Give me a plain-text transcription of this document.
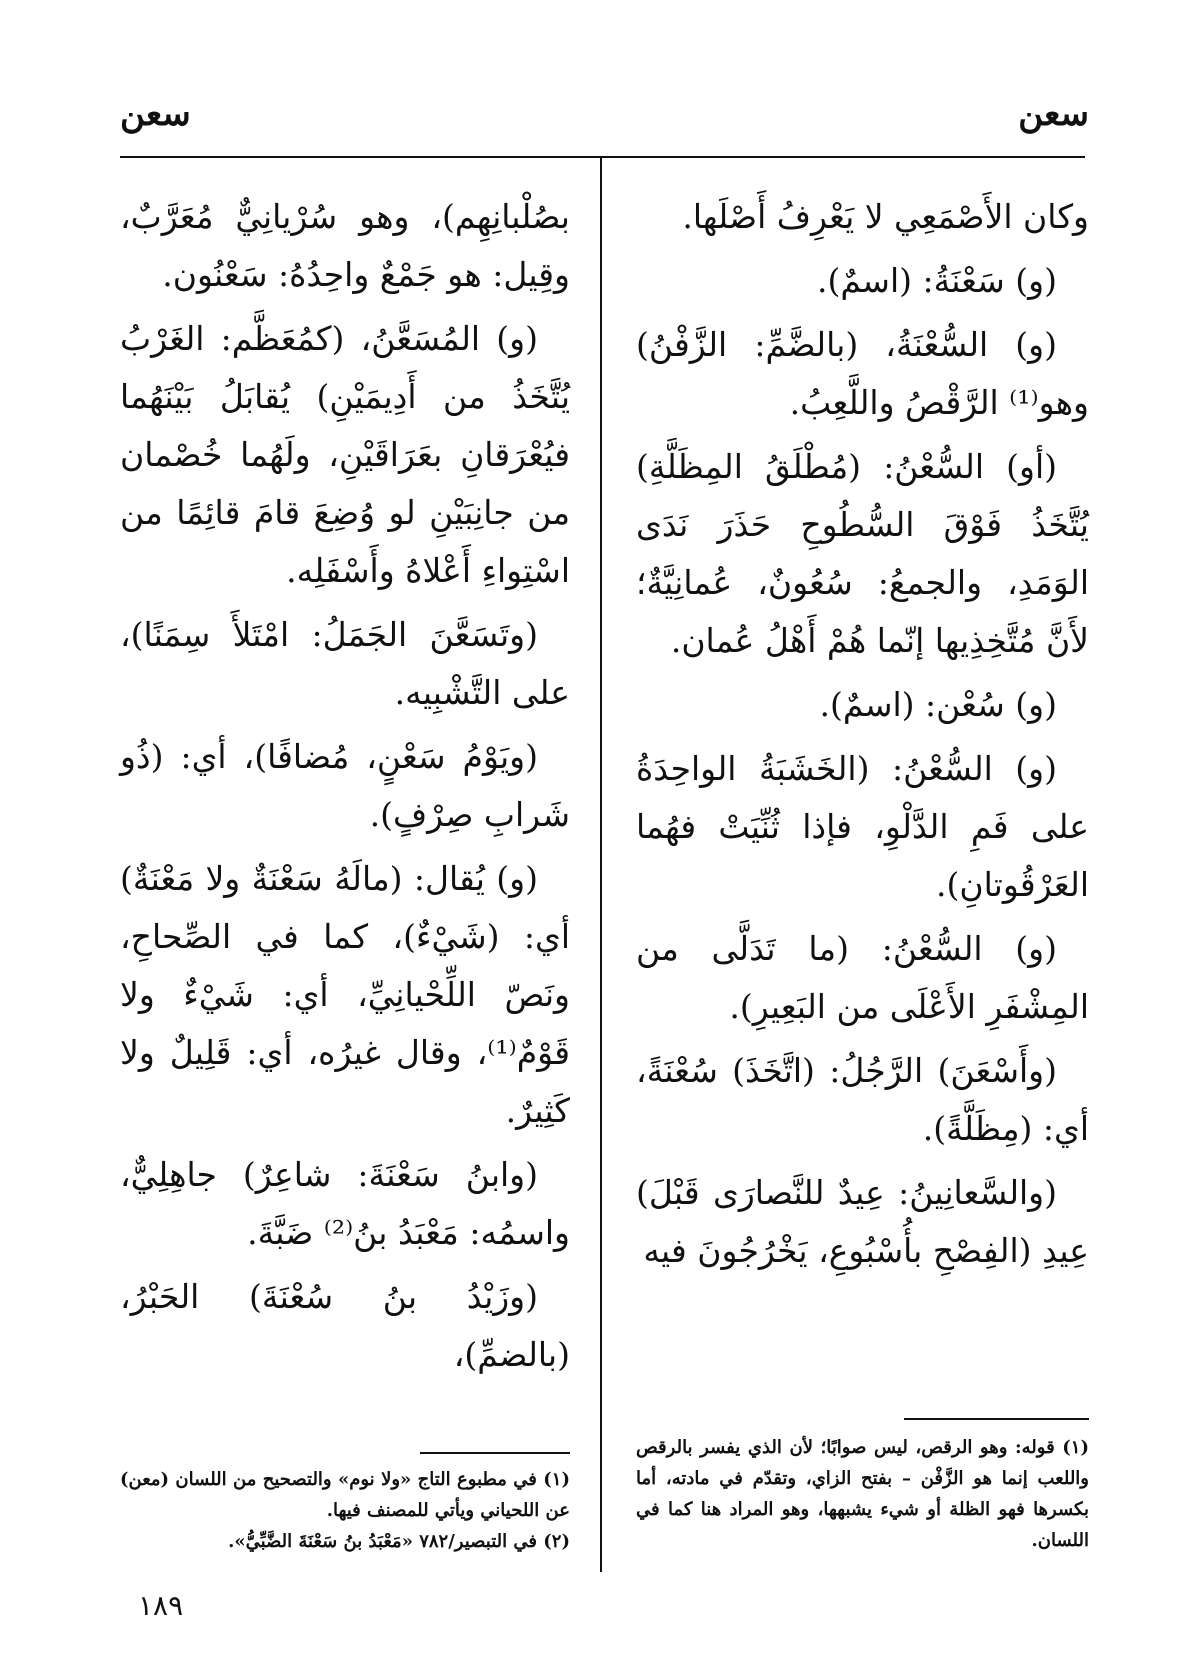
سعن
سعن

وكان الأَصْمَعِي لا يَعْرِفُ أَصْلَها.

(و) سَعْنَةُ: (اسمٌ).

(و) السُّعْنَةُ، (بالضَّمِّ: الزَّفْنُ) وهو⁽¹⁾ الرَّقْصُ واللَّعِبُ.

(أو) السُّعْنُ: (مُطْلَقُ المِظَلَّةِ) يُتَّخَذُ فَوْقَ السُّطُوحِ حَذَرَ نَدَى الوَمَدِ، والجمعُ: سُعُونٌ، عُمانِيَّةٌ؛ لأَنَّ مُتَّخِذِيها إنّما هُمْ أَهْلُ عُمان.

(و) سُعْن: (اسمٌ).

(و) السُّعْنُ: (الخَشَبَةُ الواحِدَةُ على فَمِ الدَّلْوِ، فإذا ثُنِّيَتْ فهُما العَرْقُوتانِ).

(و) السُّعْنُ: (ما تَدَلَّى من المِشْفَرِ الأَعْلَى من البَعِيرِ).

(وأَسْعَنَ) الرَّجُلُ: (اتَّخَذَ) سُعْنَةً، أي: (مِظَلَّةً).

(والسَّعانِينُ: عِيدٌ للنَّصارَى قَبْلَ) عِيدِ (الفِصْحِ بأُسْبُوعِ، يَخْرُجُونَ فيه

بصُلْبانِهِم)، وهو سُرْيانِيٌّ مُعَرَّبٌ، وقِيل: هو جَمْعٌ واحِدُهُ: سَعْنُون.

(و) المُسَعَّنُ، (كمُعَظَّم: الغَرْبُ يُتَّخَذُ من أَدِيمَيْنِ) يُقابَلُ بَيْنَهُما فيُعْرَقانِ بعَرَاقَيْنِ، ولَهُما خُصْمان من جانِبَيْنِ لو وُضِعَ قامَ قائِمًا من اسْتِواءِ أَعْلاهُ وأَسْفَلِه.

(وتَسَعَّنَ الجَمَلُ: امْتَلأَ سِمَنًا)، على التَّشْبِيه.

(ويَوْمُ سَعْنٍ، مُضافًا)، أي: (ذُو شَرابِ صِرْفٍ).

(و) يُقال: (مالَهُ سَعْنَةٌ ولا مَعْنَةٌ) أي: (شَيْءٌ)، كما في الصِّحاحِ، ونَصّ اللِّحْيانِيِّ، أي: شَيْءٌ ولا قَوْمٌ⁽¹⁾، وقال غيرُه، أي: قَلِيلٌ ولا كَثِيرٌ.

(وابنُ سَعْنَةَ: شاعِرٌ) جاهِلِيٌّ، واسمُه: مَعْبَدُ بنُ⁽²⁾ ضَبَّةَ.

(وزَيْدُ بنُ سُعْنَةَ) الحَبْرُ، (بالضمِّ)،

(١) قوله: وهو الرقص، ليس صوابًا؛ لأن الذي يفسر بالرقص واللعب إنما هو الزَّفْن – بفتح الزاي، وتقدّم في مادته، أما بكسرها فهو الظلة أو شيء يشبهها، وهو المراد هنا كما في اللسان.

(١) في مطبوع التاج «ولا نوم» والتصحيح من اللسان (معن) عن اللحياني ويأتي للمصنف فيها.

(٢) في التبصير/٧٨٢ «مَعْبَدُ بنُ سَعْنَةَ الضَّبِّيُّ».

١٨٩
